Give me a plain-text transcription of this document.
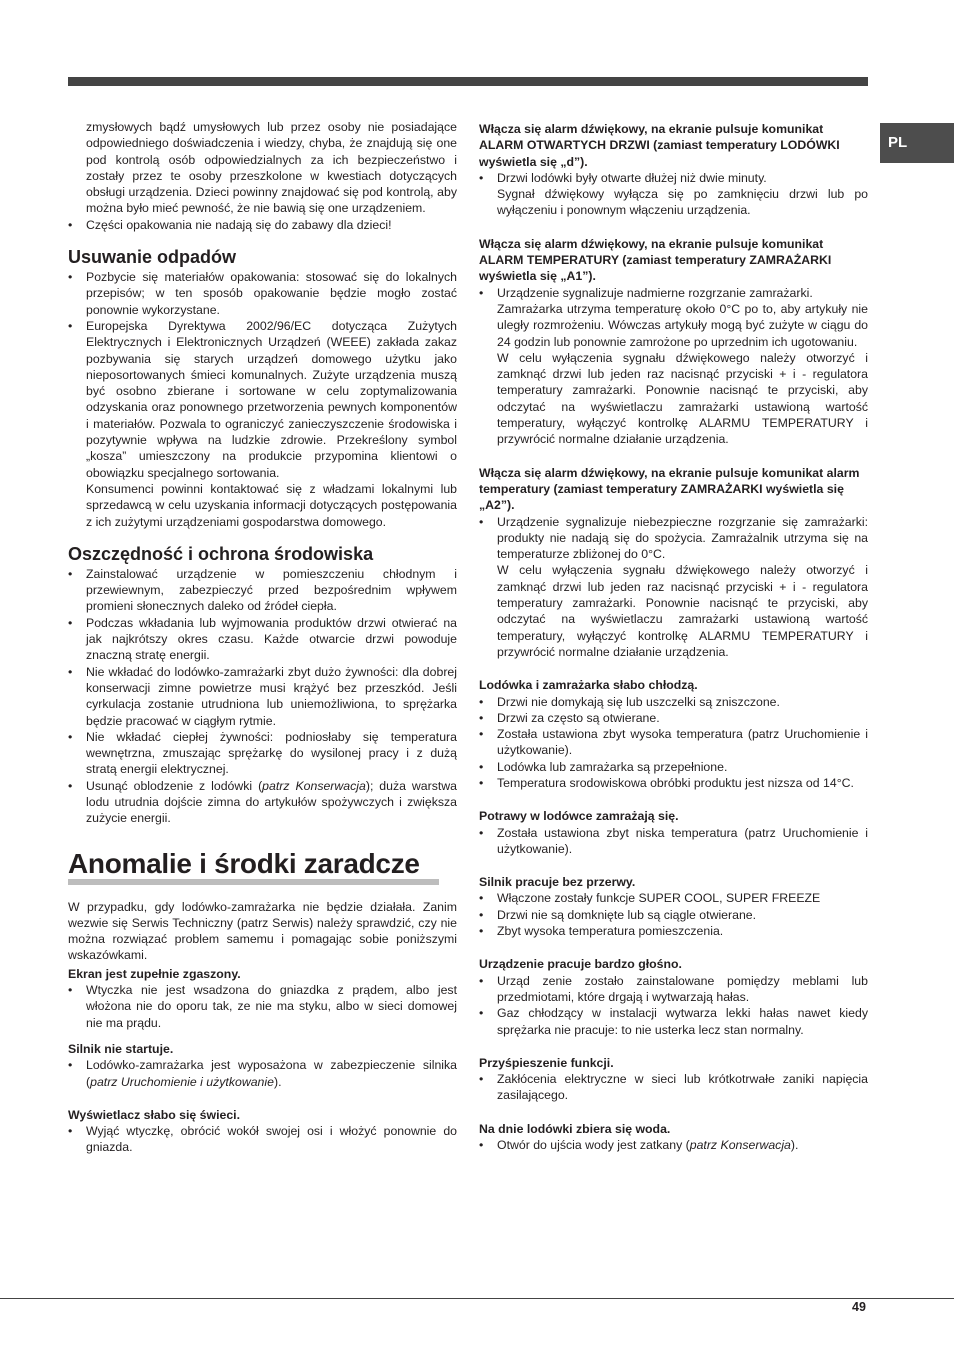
PL
zmysłowych bądź umysłowych lub przez osoby nie posiadające odpowiedniego doświadczenia i wiedzy, chyba, że znajdują się one pod kontrolą osób odpowiedzialnych za ich bezpieczeństwo i zostały przez te osoby przeszkolone w kwestiach dotyczących obsługi urządzenia. Dzieci powinny znajdować się pod kontrolą, aby można było mieć pewność, że nie bawią się one urządzeniem.
• Części opakowania nie nadają się do zabawy dla dzieci!
Usuwanie odpadów
• Pozbycie się materiałów opakowania: stosować się do lokalnych przepisów; w ten sposób opakowanie będzie mogło zostać ponownie wykorzystane.
• Europejska Dyrektywa 2002/96/EC dotycząca Zużytych Elektrycznych i Elektronicznych Urządzeń (WEEE) zakłada zakaz pozbywania się starych urządzeń domowego użytku jako nieposortowanych śmieci komunalnych. Zużyte urządzenia muszą być osobno zbierane i sortowane w celu zoptymalizowania odzyskania oraz ponownego przetworzenia pewnych komponentów i materiałów. Pozwala to ograniczyć zanieczyszczenie środowiska i pozytywnie wpływa na ludzkie zdrowie. Przekreślony symbol „kosza” umieszczony na produkcie przypomina klientowi o obowiązku specjalnego sortowania.
Konsumenci powinni kontaktować się z władzami lokalnymi lub sprzedawcą w celu uzyskania informacji dotyczących postępowania z ich zużytymi urządzeniami gospodarstwa domowego.
Oszczędność i ochrona środowiska
• Zainstalować urządzenie w pomieszczeniu chłodnym i przewiewnym, zabezpieczyć przed bezpośrednim wpływem promieni słonecznych daleko od źródeł ciepła.
• Podczas wkładania lub wyjmowania produktów drzwi otwierać na jak najkrótszy okres czasu. Każde otwarcie drzwi powoduje znaczną stratę energii.
• Nie wkładać do lodówko-zamrażarki zbyt dużo żywności: dla dobrej konserwacji zimne powietrze musi krążyć bez przeszkód. Jeśli cyrkulacja zostanie utrudniona lub uniemożliwiona, to sprężarka będzie pracować w ciągłym rytmie.
• Nie wkładać ciepłej żywności: podniosłaby się temperatura wewnętrzna, zmuszając sprężarkę do wysilonej pracy i z dużą stratą energii elektrycznej.
• Usunąć oblodzenie z lodówki (patrz Konserwacja); duża warstwa lodu utrudnia dojście zimna do artykułów spożywczych i zwiększa zużycie energii.
Anomalie i środki zaradcze
W przypadku, gdy lodówko-zamrażarka nie będzie działała. Zanim wezwie się Serwis Techniczny (patrz Serwis) należy sprawdzić, czy nie można rozwiązać problem samemu i pomagając sobie poniższymi wskazówkami.
Ekran jest zupełnie zgaszony.
• Wtyczka nie jest wsadzona do gniazdka z prądem, albo jest włożona nie do oporu tak, ze nie ma styku, albo w sieci domowej nie ma prądu.
Silnik nie startuje.
• Lodówko-zamrażarka jest wyposażona w zabezpieczenie silnika (patrz Uruchomienie i użytkowanie).
Wyświetlacz słabo się świeci.
• Wyjąć wtyczkę, obrócić wokół swojej osi i włożyć ponownie do gniazda.
Włącza się alarm dźwiękowy, na ekranie pulsuje komunikat ALARM OTWARTYCH DRZWI (zamiast temperatury LODÓWKI wyświetla się „d”).
• Drzwi lodówki były otwarte dłużej niż dwie minuty.
Sygnał dźwiękowy wyłącza się po zamknięciu drzwi lub po wyłączeniu i ponownym włączeniu urządzenia.
Włącza się alarm dźwiękowy, na ekranie pulsuje komunikat ALARM TEMPERATURY (zamiast temperatury ZAMRAŻARKI wyświetla się „A1”).
• Urządzenie sygnalizuje nadmierne rozgrzanie zamrażarki.
Zamrażarka utrzyma temperaturę około 0°C po to, aby artykuły nie uległy rozmrożeniu. Wówczas artykuły mogą być zużyte w ciągu do 24 godzin lub ponownie zamrożone po uprzednim ich ugotowaniu.
W celu wyłączenia sygnału dźwiękowego należy otworzyć i zamknąć drzwi lub jeden raz nacisnąć przyciski + i - regulatora temperatury zamrażarki. Ponownie nacisnąć te przyciski, aby odczytać na wyświetlaczu zamrażarki ustawioną wartość temperatury, wyłączyć kontrolkę ALARMU TEMPERATURY i przywrócić normalne działanie urządzenia.
Włącza się alarm dźwiękowy, na ekranie pulsuje komunikat alarm temperatury (zamiast temperatury ZAMRAŻARKI wyświetla się „A2”).
• Urządzenie sygnalizuje niebezpieczne rozgrzanie się zamrażarki: produkty nie nadają się do spożycia. Zamrażalnik utrzyma się na temperaturze zbliżonej do 0°C.
W celu wyłączenia sygnału dźwiękowego należy otworzyć i zamknąć drzwi lub jeden raz nacisnąć przyciski + i - regulatora temperatury zamrażarki. Ponownie nacisnąć te przyciski, aby odczytać na wyświetlaczu zamrażarki ustawioną wartość temperatury, wyłączyć kontrolkę ALARMU TEMPERATURY i przywrócić normalne działanie urządzenia.
Lodówka i zamrażarka słabo chłodzą.
• Drzwi nie domykają się lub uszczelki są zniszczone.
• Drzwi za często są otwierane.
• Została ustawiona zbyt wysoka temperatura (patrz Uruchomienie i użytkowanie).
• Lodówka lub zamrażarka są przepełnione.
• Temperatura srodowiskowa obróbki produktu jest nizsza od 14°C.
Potrawy w lodówce zamrażają się.
• Została ustawiona zbyt niska temperatura (patrz Uruchomienie i użytkowanie).
Silnik pracuje bez przerwy.
• Włączone zostały funkcje SUPER COOL, SUPER FREEZE
• Drzwi nie są domknięte lub są ciągle otwierane.
• Zbyt wysoka temperatura pomieszczenia.
Urządzenie pracuje bardzo głośno.
• Urząd zenie zostało zainstalowane pomiędzy meblami lub przedmiotami, które drgają i wytwarzają hałas.
• Gaz chłodzący w instalacji wytwarza lekki hałas nawet kiedy sprężarka nie pracuje: to nie usterka lecz stan normalny.
Przyśpieszenie funkcji.
• Zakłócenia elektryczne w sieci lub krótkotrwałe zaniki napięcia zasilającego.
Na dnie lodówki zbiera się woda.
• Otwór do ujścia wody jest zatkany (patrz Konserwacja).
49
